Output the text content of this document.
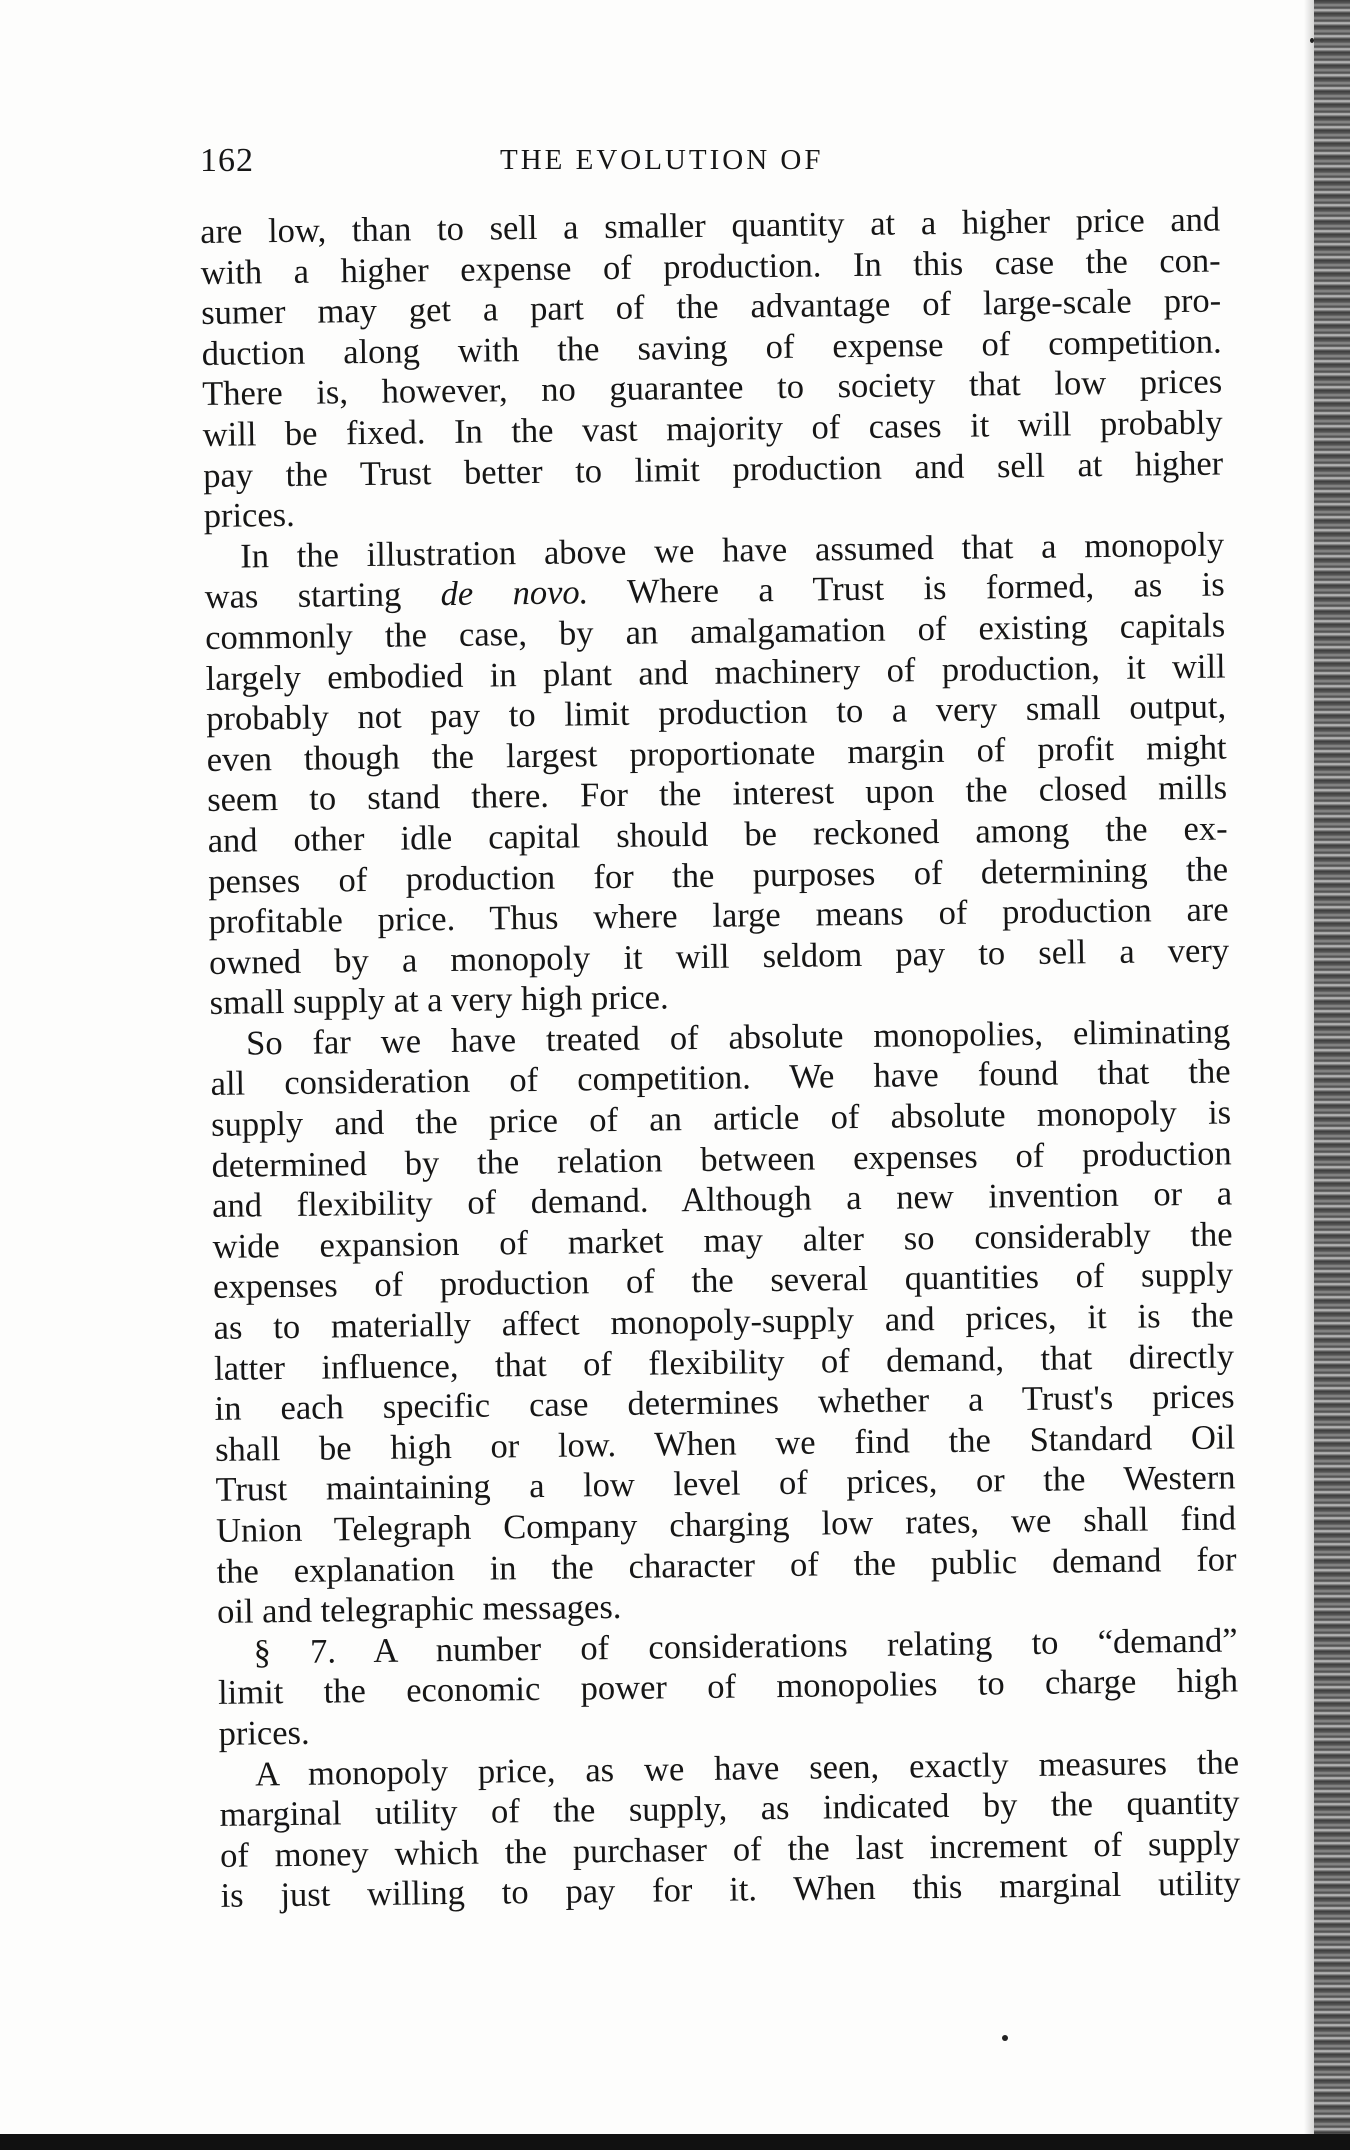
162	THE EVOLUTION OF
are low, than to sell a smaller quantity at a higher price and
with a higher expense of production. In this case the con-
sumer may get a part of the advantage of large-scale pro-
duction along with the saving of expense of competition.
There is, however, no guarantee to society that low prices
will be fixed. In the vast majority of cases it will probably
pay the Trust better to limit production and sell at higher
prices.
In the illustration above we have assumed that a monopoly
was starting de novo. Where a Trust is formed, as is
commonly the case, by an amalgamation of existing capitals
largely embodied in plant and machinery of production, it will
probably not pay to limit production to a very small output,
even though the largest proportionate margin of profit might
seem to stand there. For the interest upon the closed mills
and other idle capital should be reckoned among the ex-
penses of production for the purposes of determining the
profitable price. Thus where large means of production are
owned by a monopoly it will seldom pay to sell a very
small supply at a very high price.
So far we have treated of absolute monopolies, eliminating
all consideration of competition. We have found that the
supply and the price of an article of absolute monopoly is
determined by the relation between expenses of production
and flexibility of demand. Although a new invention or a
wide expansion of market may alter so considerably the
expenses of production of the several quantities of supply
as to materially affect monopoly-supply and prices, it is the
latter influence, that of flexibility of demand, that directly
in each specific case determines whether a Trust's prices
shall be high or low. When we find the Standard Oil
Trust maintaining a low level of prices, or the Western
Union Telegraph Company charging low rates, we shall find
the explanation in the character of the public demand for
oil and telegraphic messages.
§ 7. A number of considerations relating to “demand”
limit the economic power of monopolies to charge high
prices.
A monopoly price, as we have seen, exactly measures the
marginal utility of the supply, as indicated by the quantity
of money which the purchaser of the last increment of supply
is just willing to pay for it. When this marginal utility
